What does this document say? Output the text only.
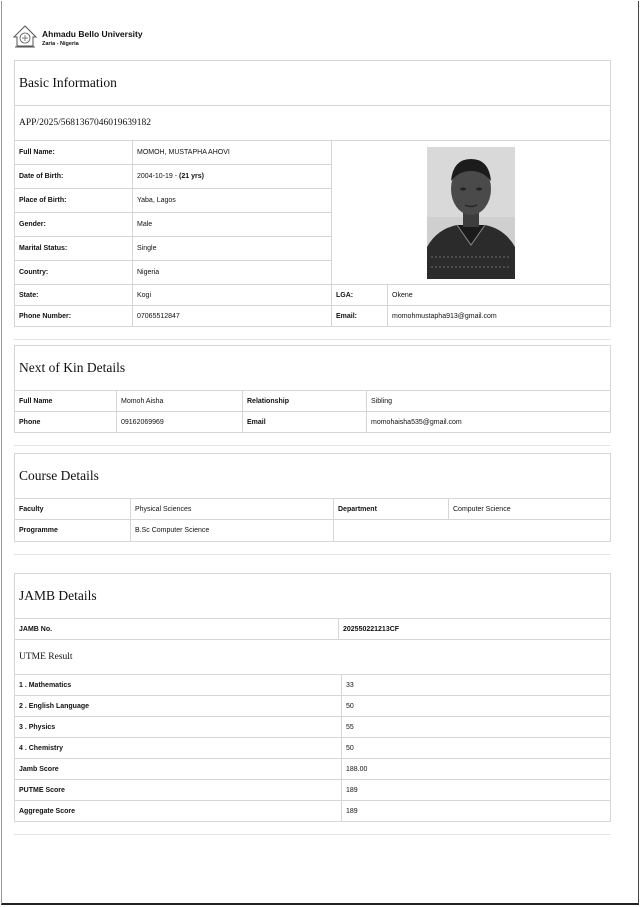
Ahmadu Bello University
Zaria - Nigeria
Basic Information
APP/2025/5681367046019639182
Full Name:	MOMOH, MUSTAPHA AHOVI	
Date of Birth:	2004-10-19 - (21 yrs)		
Place of Birth:	Yaba, Lagos		
Gender:	Male		
Marital Status:	Single		
Country:	Nigeria		
State:	Kogi	LGA:	Okene
Phone Number:	07065512847	Email:	momohmustapha913@gmail.com
Next of Kin Details
Full Name	Momoh Aisha	Relationship	Sibling
Phone	09162069969	Email	momohaisha535@gmail.com
Course Details
Faculty	Physical Sciences	Department	Computer Science
Programme	B.Sc Computer Science		
JAMB Details
JAMB No.	202550221213CF
UTME Result
1 . Mathematics	33
2 . English Language	50
3 . Physics	55
4 . Chemistry	50
Jamb Score	188.00
PUTME Score	189
Aggregate Score	189
